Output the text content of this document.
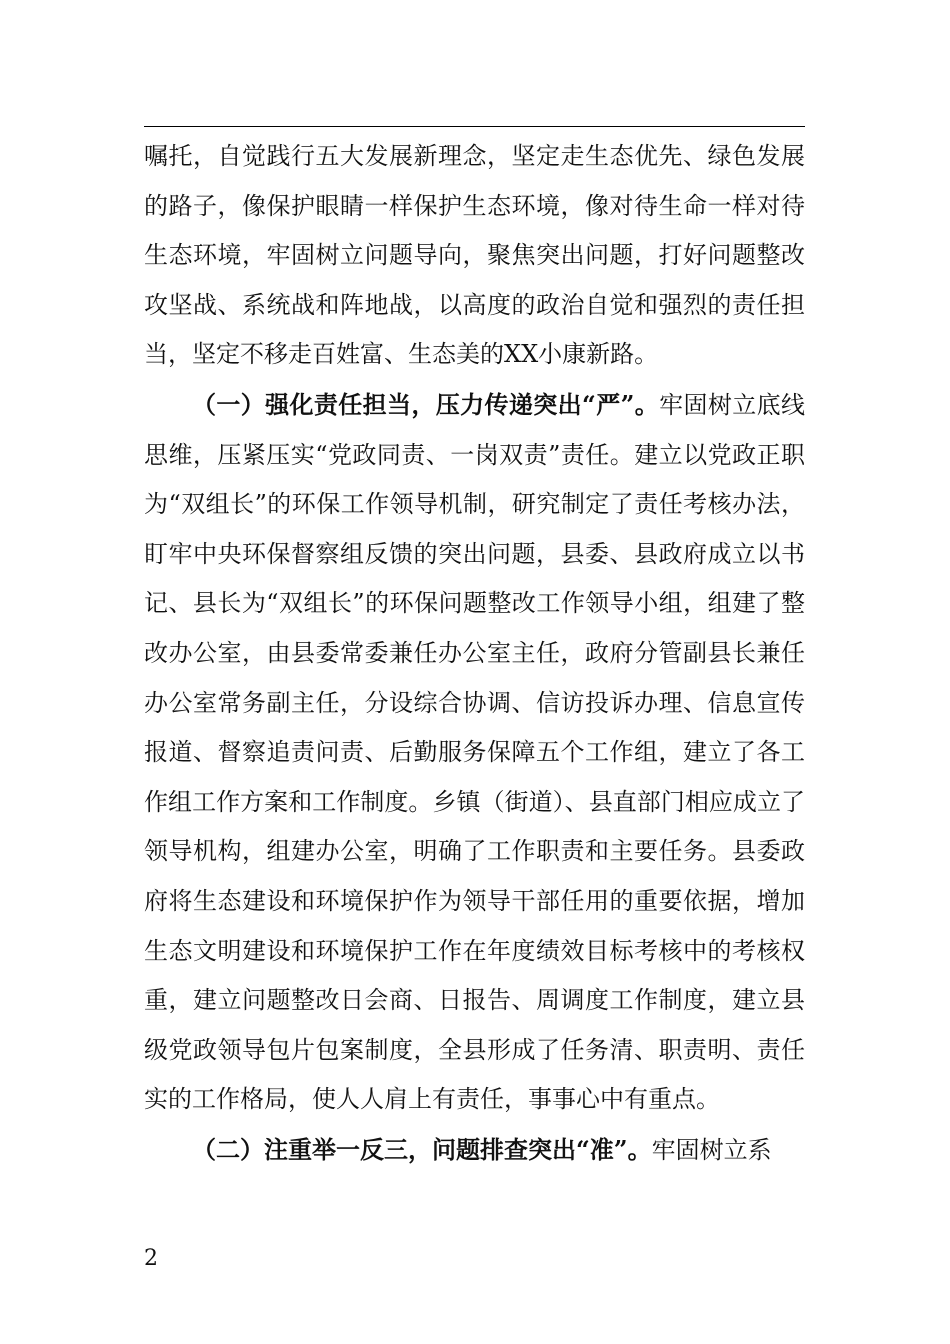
嘱托，自觉践行五大发展新理念，坚定走生态优先、绿色发展的路子，像保护眼睛一样保护生态环境，像对待生命一样对待生态环境，牢固树立问题导向，聚焦突出问题，打好问题整改攻坚战、系统战和阵地战，以高度的政治自觉和强烈的责任担当，坚定不移走百姓富、生态美的XX小康新路。

（一）强化责任担当，压力传递突出“严”。牢固树立底线思维，压紧压实“党政同责、一岗双责”责任。建立以党政正职为“双组长”的环保工作领导机制，研究制定了责任考核办法，盯牢中央环保督察组反馈的突出问题，县委、县政府成立以书记、县长为“双组长”的环保问题整改工作领导小组，组建了整改办公室，由县委常委兼任办公室主任，政府分管副县长兼任办公室常务副主任，分设综合协调、信访投诉办理、信息宣传报道、督察追责问责、后勤服务保障五个工作组，建立了各工作组工作方案和工作制度。乡镇（街道）、县直部门相应成立了领导机构，组建办公室，明确了工作职责和主要任务。县委政府将生态建设和环境保护作为领导干部任用的重要依据，增加生态文明建设和环境保护工作在年度绩效目标考核中的考核权重，建立问题整改日会商、日报告、周调度工作制度，建立县级党政领导包片包案制度，全县形成了任务清、职责明、责任实的工作格局，使人人肩上有责任，事事心中有重点。

（二）注重举一反三，问题排查突出“准”。牢固树立系

2
